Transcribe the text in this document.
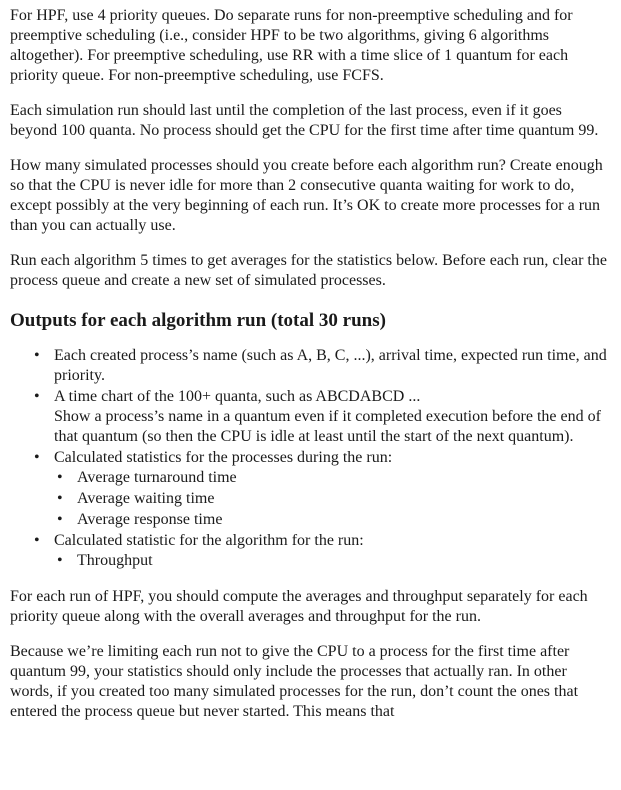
For HPF, use 4 priority queues. Do separate runs for non-preemptive scheduling and for preemptive scheduling (i.e., consider HPF to be two algorithms, giving 6 algorithms altogether). For preemptive scheduling, use RR with a time slice of 1 quantum for each priority queue. For non-preemptive scheduling, use FCFS.

Each simulation run should last until the completion of the last process, even if it goes beyond 100 quanta. No process should get the CPU for the first time after time quantum 99.

How many simulated processes should you create before each algorithm run? Create enough so that the CPU is never idle for more than 2 consecutive quanta waiting for work to do, except possibly at the very beginning of each run. It’s OK to create more processes for a run than you can actually use.

Run each algorithm 5 times to get averages for the statistics below. Before each run, clear the process queue and create a new set of simulated processes.

Outputs for each algorithm run (total 30 runs)
• Each created process’s name (such as A, B, C, ...), arrival time, expected run time, and priority.
• A time chart of the 100+ quanta, such as ABCDABCD ...
Show a process’s name in a quantum even if it completed execution before the end of that quantum (so then the CPU is idle at least until the start of the next quantum).
• Calculated statistics for the processes during the run:
• Average turnaround time
• Average waiting time
• Average response time
• Calculated statistic for the algorithm for the run:
• Throughput

For each run of HPF, you should compute the averages and throughput separately for each priority queue along with the overall averages and throughput for the run.

Because we’re limiting each run not to give the CPU to a process for the first time after quantum 99, your statistics should only include the processes that actually ran. In other words, if you created too many simulated processes for the run, don’t count the ones that entered the process queue but never started. This means that
